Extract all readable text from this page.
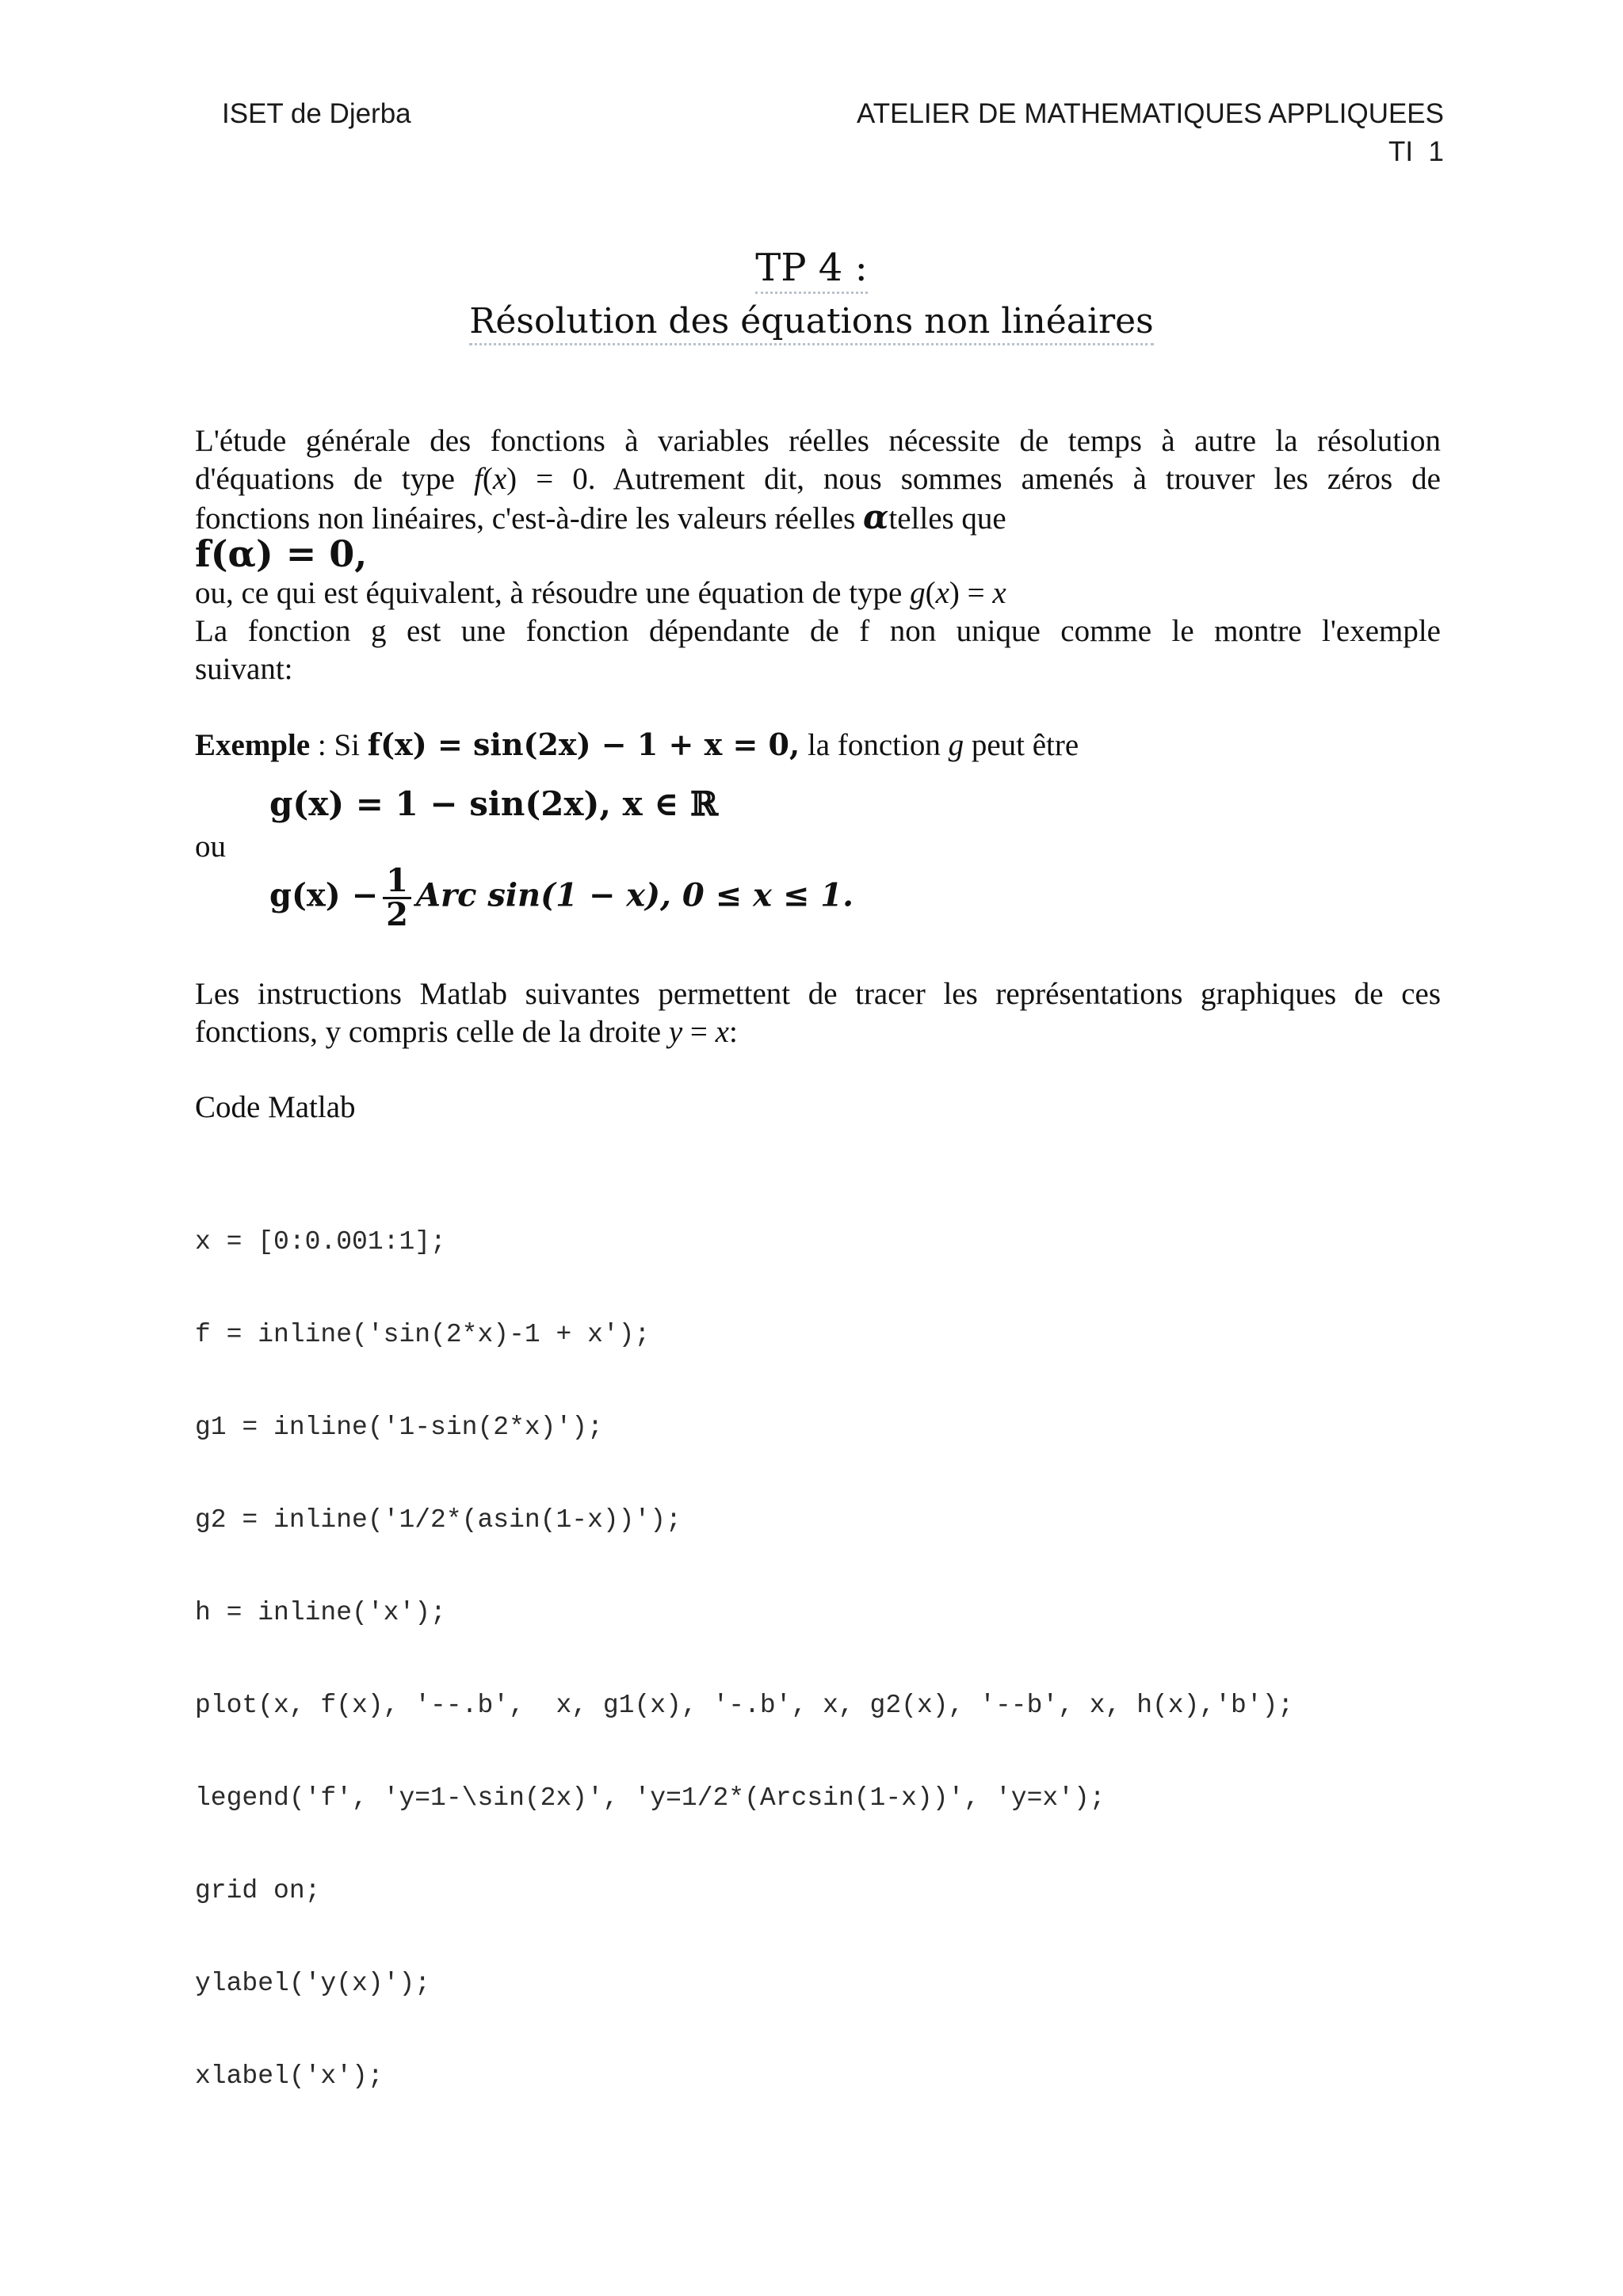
ISET de Djerba	ATELIER DE MATHEMATIQUES APPLIQUEES
TI  1
TP 4 :
Résolution des équations non linéaires
L'étude générale des fonctions à variables réelles nécessite de temps à autre la résolution
d'équations de type f(x) = 0. Autrement dit, nous sommes amenés à trouver les zéros de
fonctions non linéaires, c'est-à-dire les valeurs réelles αtelles que
f(α) = 0,
ou, ce qui est équivalent, à résoudre une équation de type g(x) = x
La fonction g est une fonction dépendante de f non unique comme le montre l'exemple
suivant:
Exemple : Si f(x) = sin(2x) − 1 + x = 0, la fonction g peut être
g(x) = 1 − sin(2x), x ∈ ℝ
ou
$g(x) - \frac{1}{2}$ Arc sin(1 − x), 0 ≤ x ≤ 1.
Les instructions Matlab suivantes permettent de tracer les représentations graphiques de ces
fonctions, y compris celle de la droite y = x:
Code Matlab

x = [0:0.001:1];

f = inline('sin(2*x)-1 + x');

g1 = inline('1-sin(2*x)');

g2 = inline('1/2*(asin(1-x))');

h = inline('x');

plot(x, f(x), '--.b',  x, g1(x), '-.b', x, g2(x), '--b', x, h(x),'b');

legend('f', 'y=1-\sin(2x)', 'y=1/2*(Arcsin(1-x))', 'y=x');

grid on;

ylabel('y(x)');

xlabel('x');
